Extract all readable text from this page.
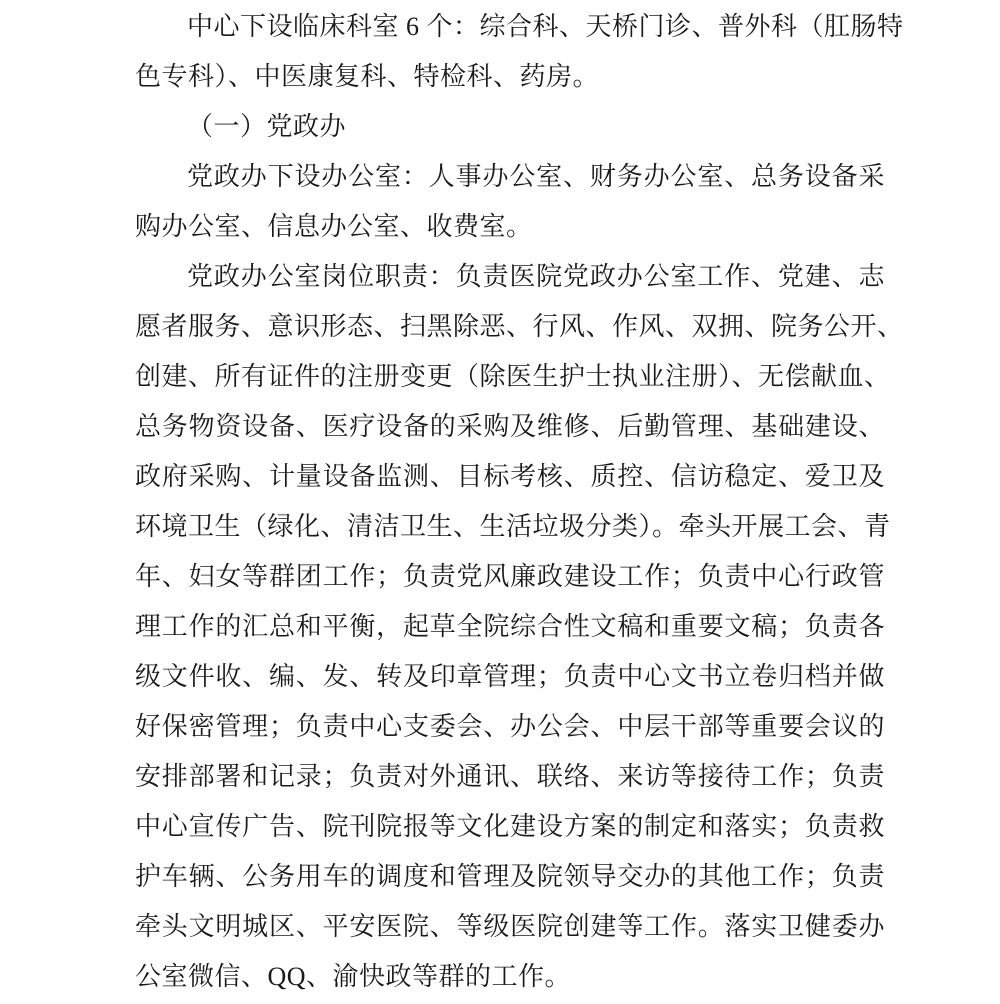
中心下设临床科室 6 个：综合科、天桥门诊、普外科（肛肠特
色专科）、中医康复科、特检科、药房。
（一）党政办
党政办下设办公室：人事办公室、财务办公室、总务设备采
购办公室、信息办公室、收费室。
党政办公室岗位职责：负责医院党政办公室工作、党建、志
愿者服务、意识形态、扫黑除恶、行风、作风、双拥、院务公开、
创建、所有证件的注册变更（除医生护士执业注册）、无偿献血、
总务物资设备、医疗设备的采购及维修、后勤管理、基础建设、
政府采购、计量设备监测、目标考核、质控、信访稳定、爱卫及
环境卫生（绿化、清洁卫生、生活垃圾分类）。牵头开展工会、青
年、妇女等群团工作；负责党风廉政建设工作；负责中心行政管
理工作的汇总和平衡，起草全院综合性文稿和重要文稿；负责各
级文件收、编、发、转及印章管理；负责中心文书立卷归档并做
好保密管理；负责中心支委会、办公会、中层干部等重要会议的
安排部署和记录；负责对外通讯、联络、来访等接待工作；负责
中心宣传广告、院刊院报等文化建设方案的制定和落实；负责救
护车辆、公务用车的调度和管理及院领导交办的其他工作；负责
牵头文明城区、平安医院、等级医院创建等工作。落实卫健委办
公室微信、QQ、渝快政等群的工作。
